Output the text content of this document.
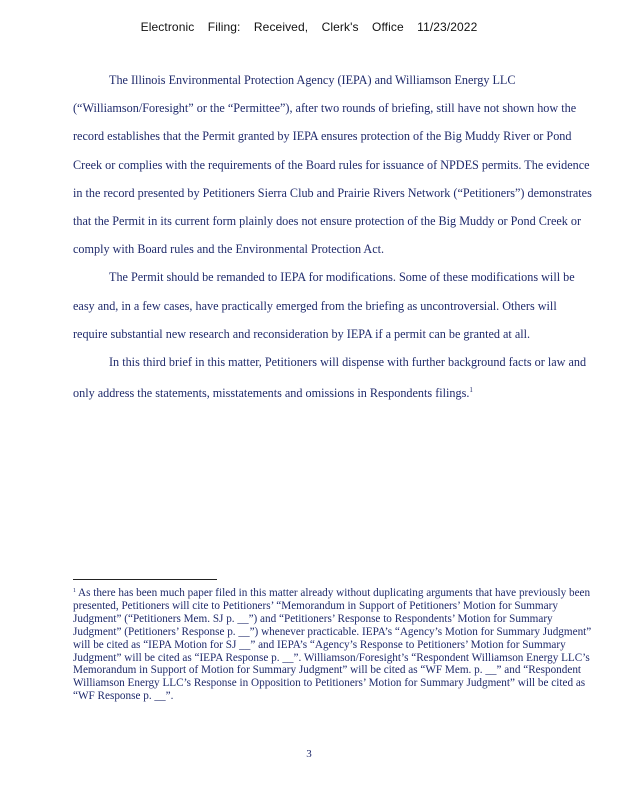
Electronic Filing: Received, Clerk's Office 11/23/2022

The Illinois Environmental Protection Agency (IEPA) and Williamson Energy LLC (“Williamson/Foresight” or the “Permittee”), after two rounds of briefing, still have not shown how the record establishes that the Permit granted by IEPA ensures protection of the Big Muddy River or Pond Creek or complies with the requirements of the Board rules for issuance of NPDES permits. The evidence in the record presented by Petitioners Sierra Club and Prairie Rivers Network (“Petitioners”) demonstrates that the Permit in its current form plainly does not ensure protection of the Big Muddy or Pond Creek or comply with Board rules and the Environmental Protection Act.

The Permit should be remanded to IEPA for modifications. Some of these modifications will be easy and, in a few cases, have practically emerged from the briefing as uncontroversial. Others will require substantial new research and reconsideration by IEPA if a permit can be granted at all.

In this third brief in this matter, Petitioners will dispense with further background facts or law and only address the statements, misstatements and omissions in Respondents filings.$^1$

$^1$ As there has been much paper filed in this matter already without duplicating arguments that have previously been presented, Petitioners will cite to Petitioners’ “Memorandum in Support of Petitioners’ Motion for Summary Judgment” (“Petitioners Mem. SJ p. __”) and “Petitioners’ Response to Respondents’ Motion for Summary Judgment” (Petitioners’ Response p. __”) whenever practicable. IEPA’s “Agency’s Motion for Summary Judgment” will be cited as “IEPA Motion for SJ __” and IEPA’s “Agency’s Response to Petitioners’ Motion for Summary Judgment” will be cited as “IEPA Response p. __”. Williamson/Foresight’s “Respondent Williamson Energy LLC’s Memorandum in Support of Motion for Summary Judgment” will be cited as “WF Mem. p. __” and “Respondent Williamson Energy LLC’s Response in Opposition to Petitioners’ Motion for Summary Judgment” will be cited as “WF Response p. __”.
3
